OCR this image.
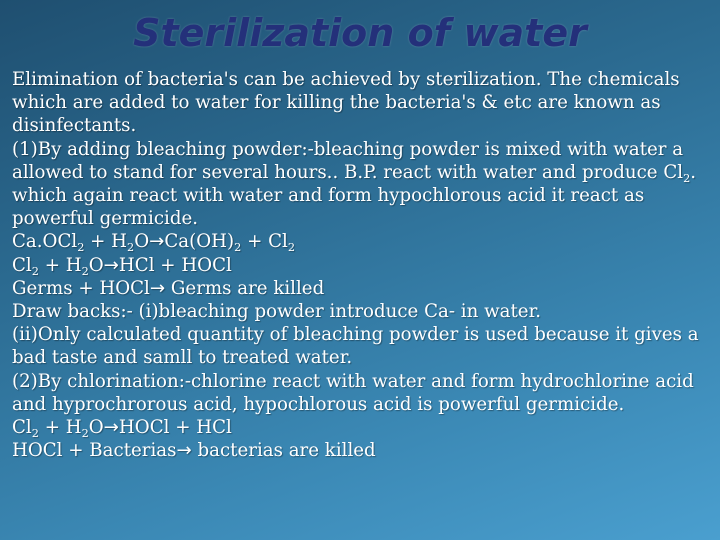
Sterilization of water

Elimination of bacteria's can be achieved by sterilization. The chemicals which are added to water for killing the bacteria's & etc are known as disinfectants.

(1)By adding bleaching powder:-bleaching powder is mixed with water a allowed to stand for several hours.. B.P. react with water and produce $Cl_2$. which again react with water and form hypochlorous acid it react as powerful germicide.

$Ca.OCl_2 + H_2O\to Ca(OH)_2 + Cl_2$

$Cl_2 + H_2O\to HCl$ + HOCl

Germs + HOCl→ Germs are killed

Draw backs:- (i)bleaching powder introduce Ca- in water.

(ii)Only calculated quantity of bleaching powder is used because it gives a bad taste and samll to treated water.

(2)By chlorination:-chlorine react with water and form hydrochlorine acid and hyprochrorous acid, hypochlorous acid is powerful germicide.

$Cl_2$ + $H_2O\to HOCl$ + HCl

HOCl + Bacterias→ bacterias are killed
